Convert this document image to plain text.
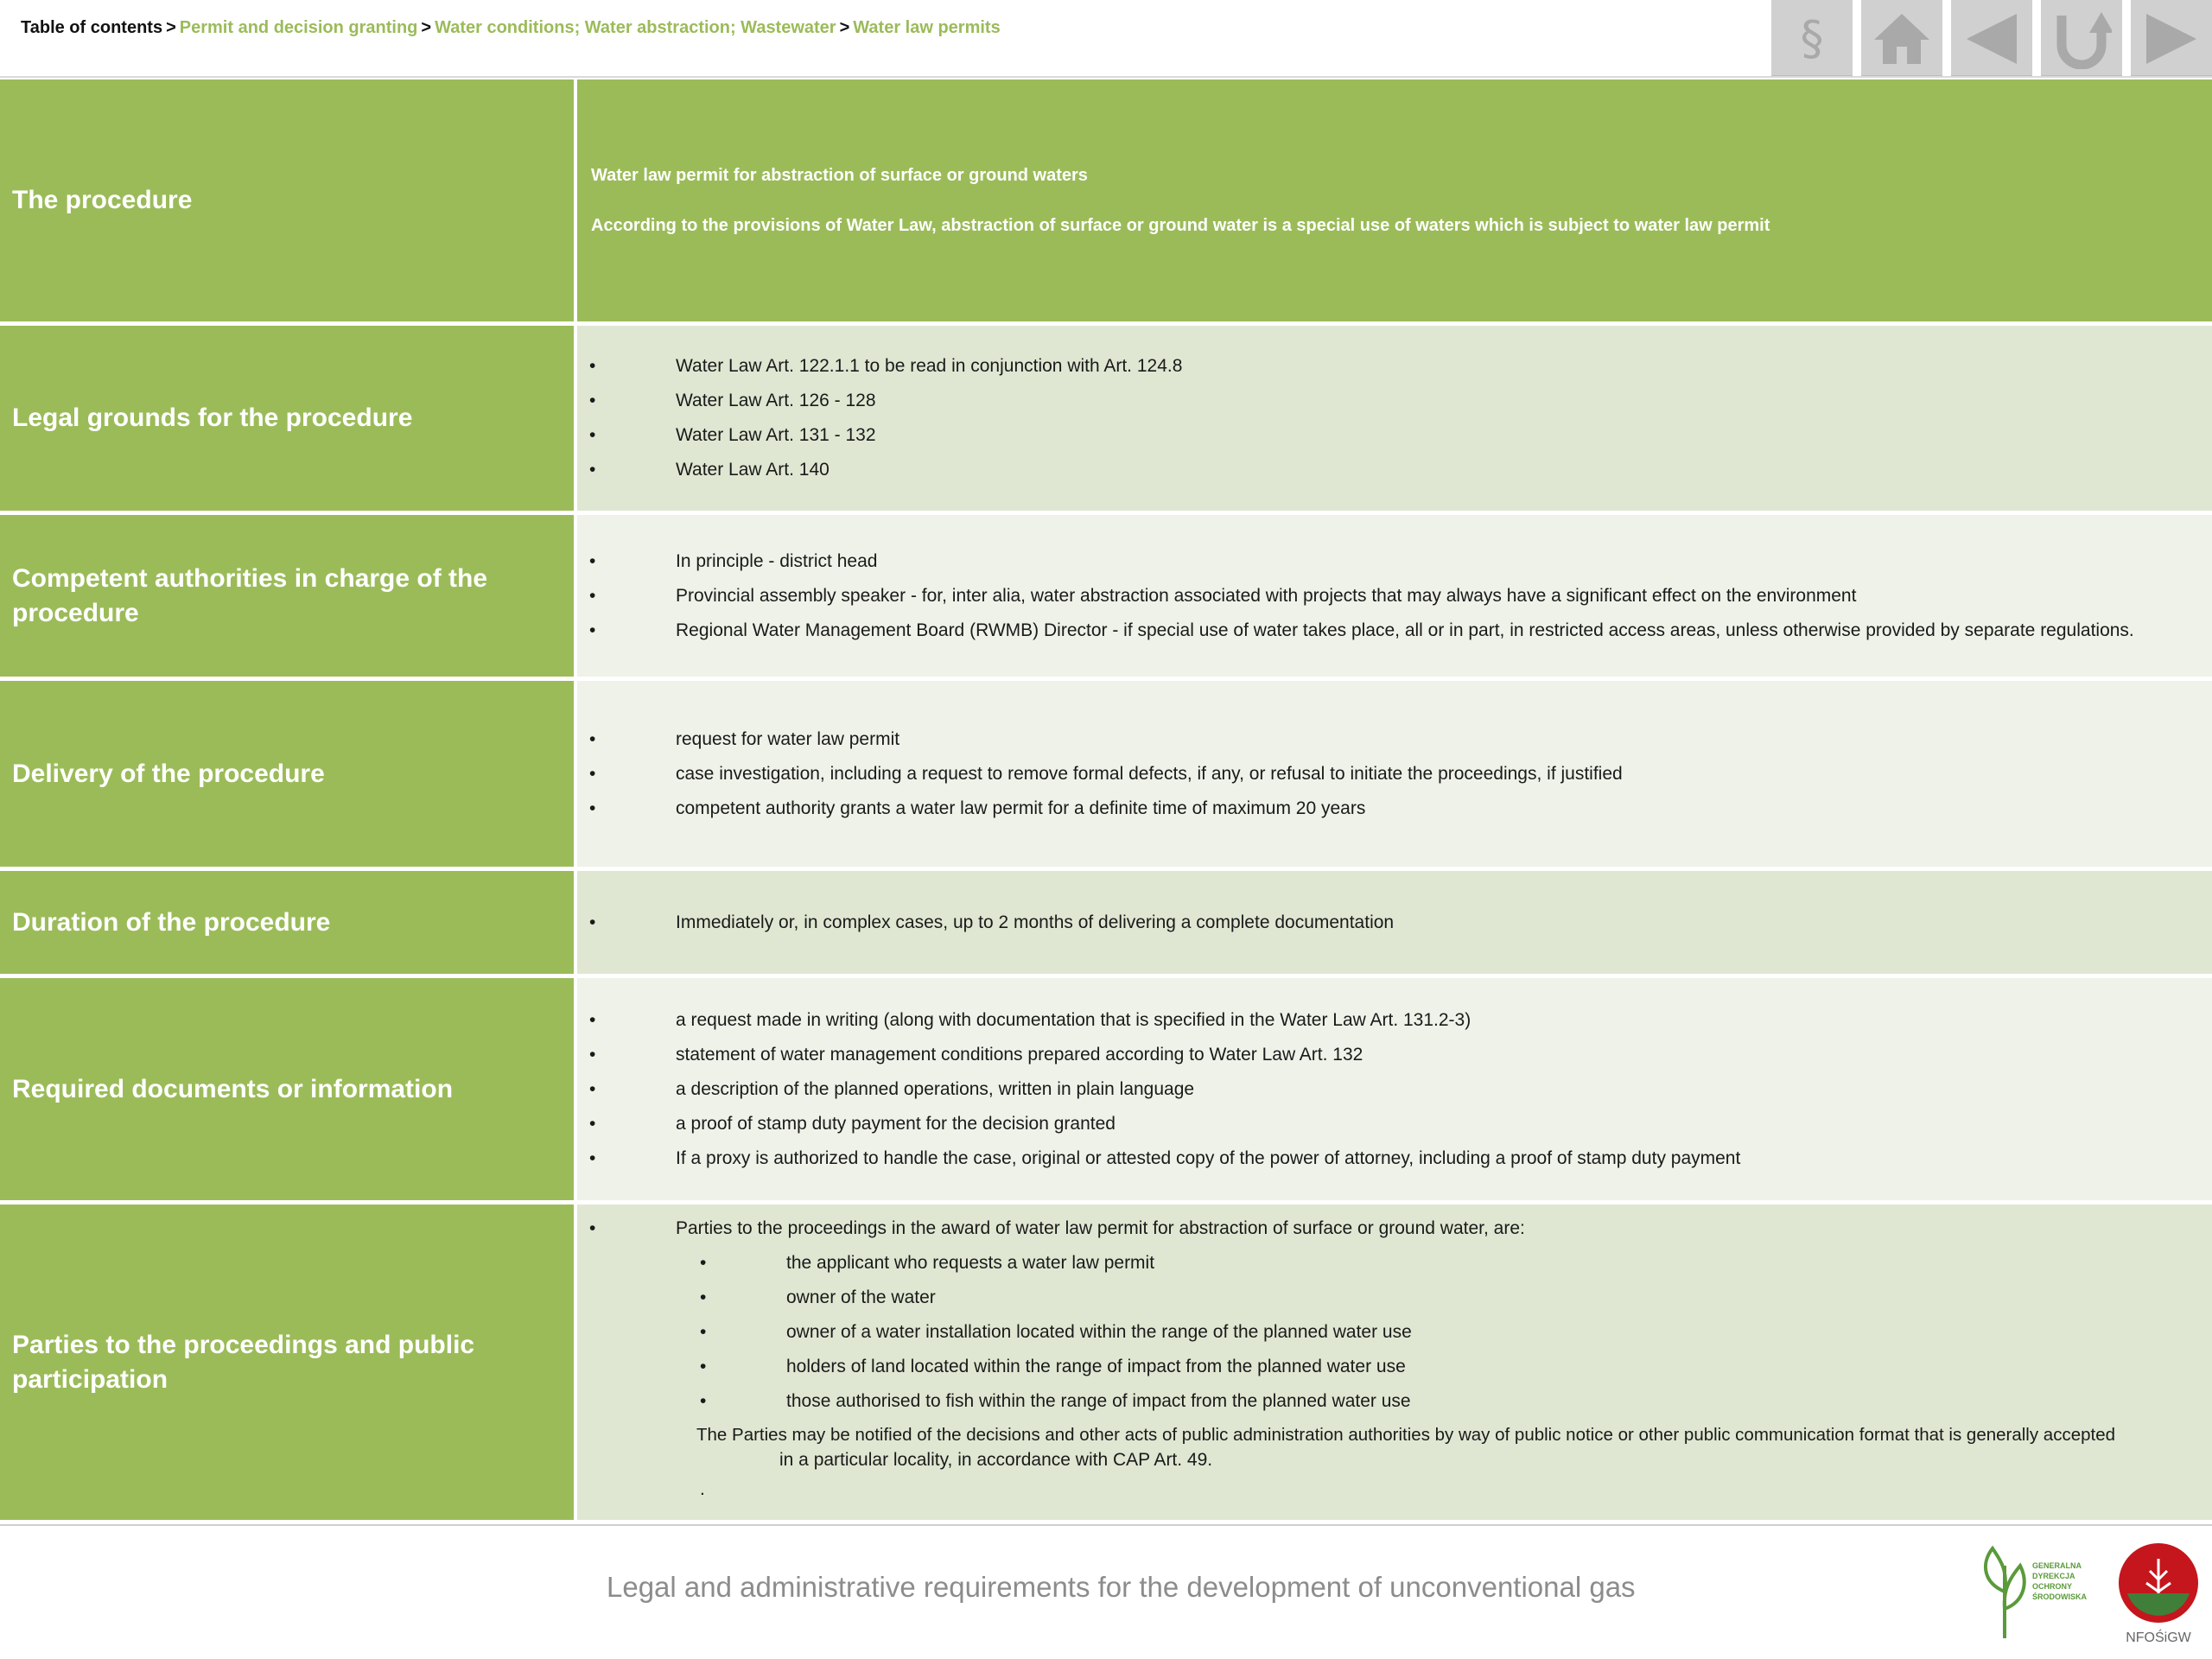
Table of contents > Permit and decision granting > Water conditions; Water abstraction; Wastewater > Water law permits	§
The procedure

Water law permit for abstraction of surface or ground waters

According to the provisions of Water Law, abstraction of surface or ground water is a special use of waters which is subject to water law permit

Legal grounds for the procedure
• Water Law Art. 122.1.1 to be read in conjunction with Art. 124.8
• Water Law Art. 126 - 128
• Water Law Art. 131 - 132
• Water Law Art. 140
Competent authorities in charge of the procedure
• In principle - district head
• Provincial assembly speaker - for, inter alia, water abstraction associated with projects that may always have a significant effect on the environment
• Regional Water Management Board (RWMB) Director - if special use of water takes place, all or in part, in restricted access areas, unless otherwise provided by separate regulations.
Delivery of the procedure
• request for water law permit
• case investigation, including a request to remove formal defects, if any, or refusal to initiate the proceedings, if justified
• competent authority grants a water law permit for a definite time of maximum 20 years
Duration of the procedure
•	Immediately or, in complex cases, up to 2 months of delivering a complete documentation
Required documents or information
• a request made in writing (along with documentation that is specified in the Water Law Art. 131.2-3)
• statement of water management conditions prepared according to Water Law Art. 132
• a description of the planned operations, written in plain language
• a proof of stamp duty payment for the decision granted
• If a proxy is authorized to handle the case, original or attested copy of the power of attorney, including a proof of stamp duty payment
Parties to the proceedings and public participation
• Parties to the proceedings in the award of water law permit for abstraction of surface or ground water, are:
• the applicant who requests a water law permit
• owner of the water
• owner of a water installation located within the range of the planned water use
• holders of land located within the range of impact from the planned water use
• those authorised to fish within the range of impact from the planned water use
The Parties may be notified of the decisions and other acts of public administration authorities by way of public notice or other public communication format that is generally accepted
in a particular locality, in accordance with CAP Art. 49.
.
Legal and administrative requirements for the development of unconventional gas
GENERALNA
DYREKCJA
OCHRONY
ŚRODOWISKA
NFOŚiGW
